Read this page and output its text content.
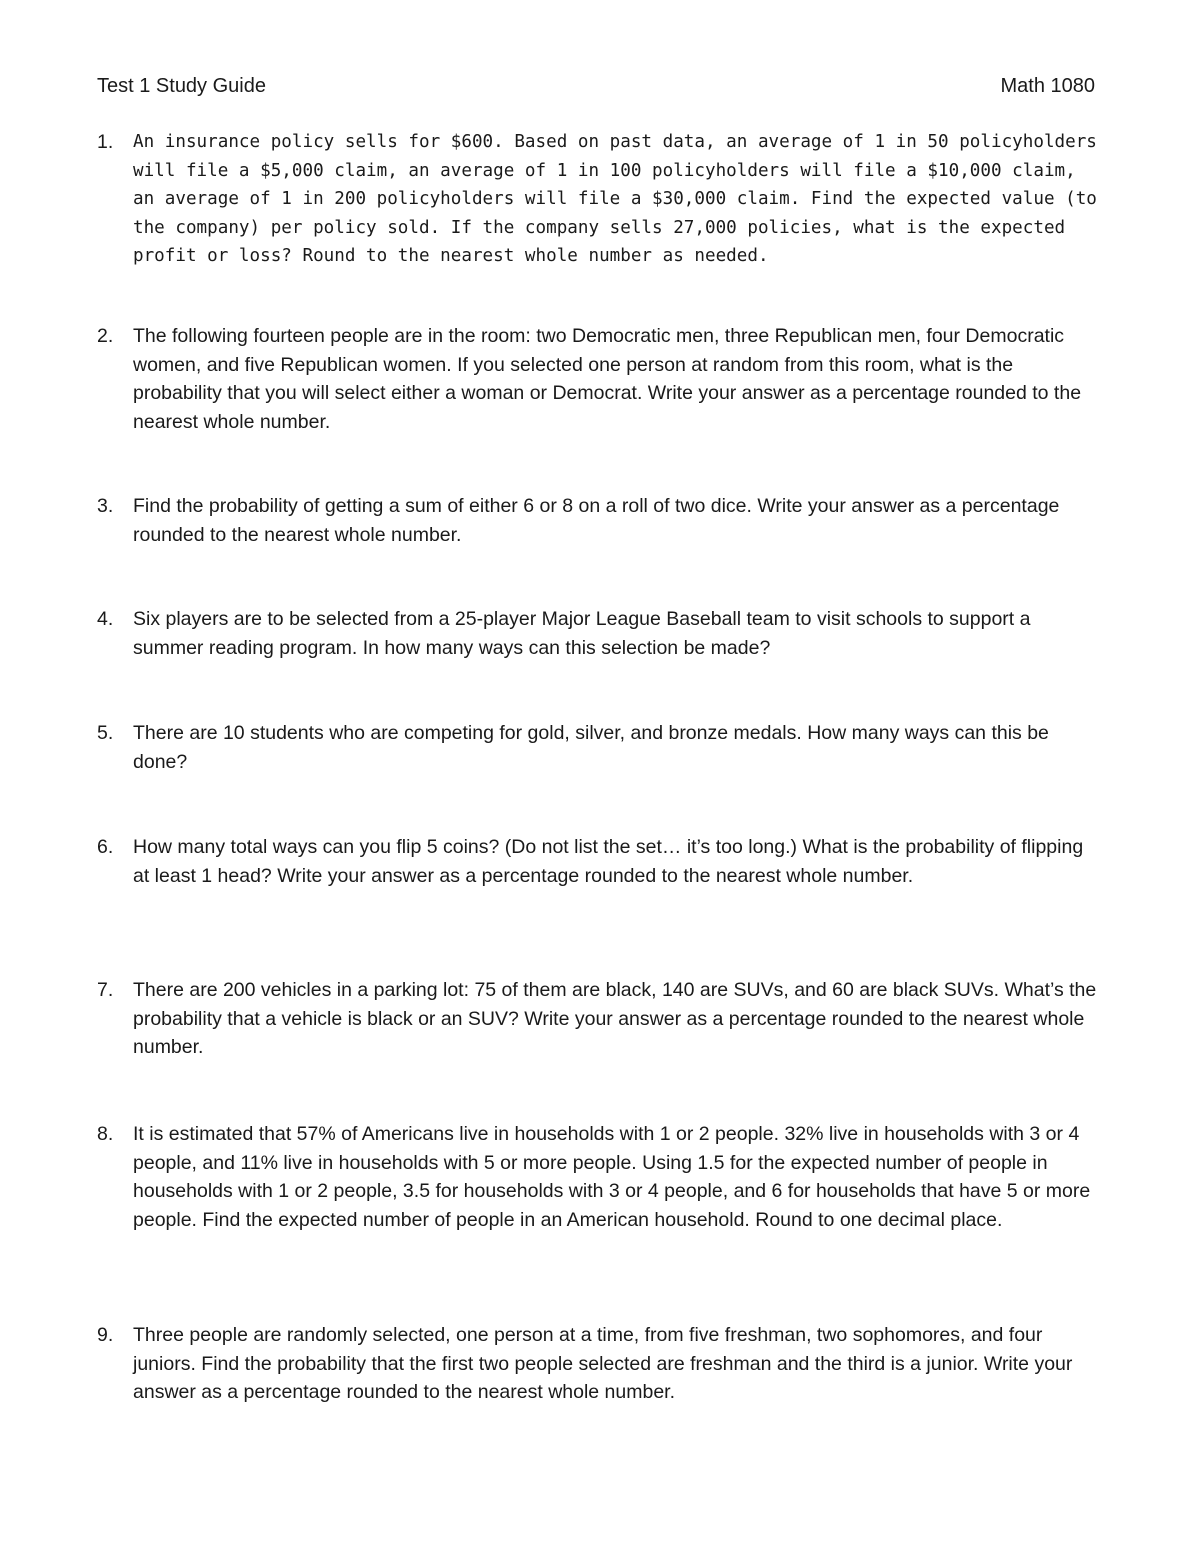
Test 1 Study Guide	Math 1080
1.	An insurance policy sells for $600. Based on past data, an average of 1 in 50 policyholders will file a $5,000 claim, an average of 1 in 100 policyholders will file a $10,000 claim, an average of 1 in 200 policyholders will file a $30,000 claim. Find the expected value (to the company) per policy sold. If the company sells 27,000 policies, what is the expected profit or loss? Round to the nearest whole number as needed.
2.	The following fourteen people are in the room: two Democratic men, three Republican men, four Democratic women, and five Republican women. If you selected one person at random from this room, what is the probability that you will select either a woman or Democrat. Write your answer as a percentage rounded to the nearest whole number.
3.	Find the probability of getting a sum of either 6 or 8 on a roll of two dice. Write your answer as a percentage rounded to the nearest whole number.
4.	Six players are to be selected from a 25-player Major League Baseball team to visit schools to support a summer reading program. In how many ways can this selection be made?
5.	There are 10 students who are competing for gold, silver, and bronze medals. How many ways can this be done?
6.	How many total ways can you flip 5 coins? (Do not list the set… it’s too long.) What is the probability of flipping at least 1 head? Write your answer as a percentage rounded to the nearest whole number.
7.	There are 200 vehicles in a parking lot: 75 of them are black, 140 are SUVs, and 60 are black SUVs. What’s the probability that a vehicle is black or an SUV? Write your answer as a percentage rounded to the nearest whole number.
8.	It is estimated that 57% of Americans live in households with 1 or 2 people. 32% live in households with 3 or 4 people, and 11% live in households with 5 or more people. Using 1.5 for the expected number of people in households with 1 or 2 people, 3.5 for households with 3 or 4 people, and 6 for households that have 5 or more people. Find the expected number of people in an American household. Round to one decimal place.
9.	Three people are randomly selected, one person at a time, from five freshman, two sophomores, and four juniors. Find the probability that the first two people selected are freshman and the third is a junior. Write your answer as a percentage rounded to the nearest whole number.
